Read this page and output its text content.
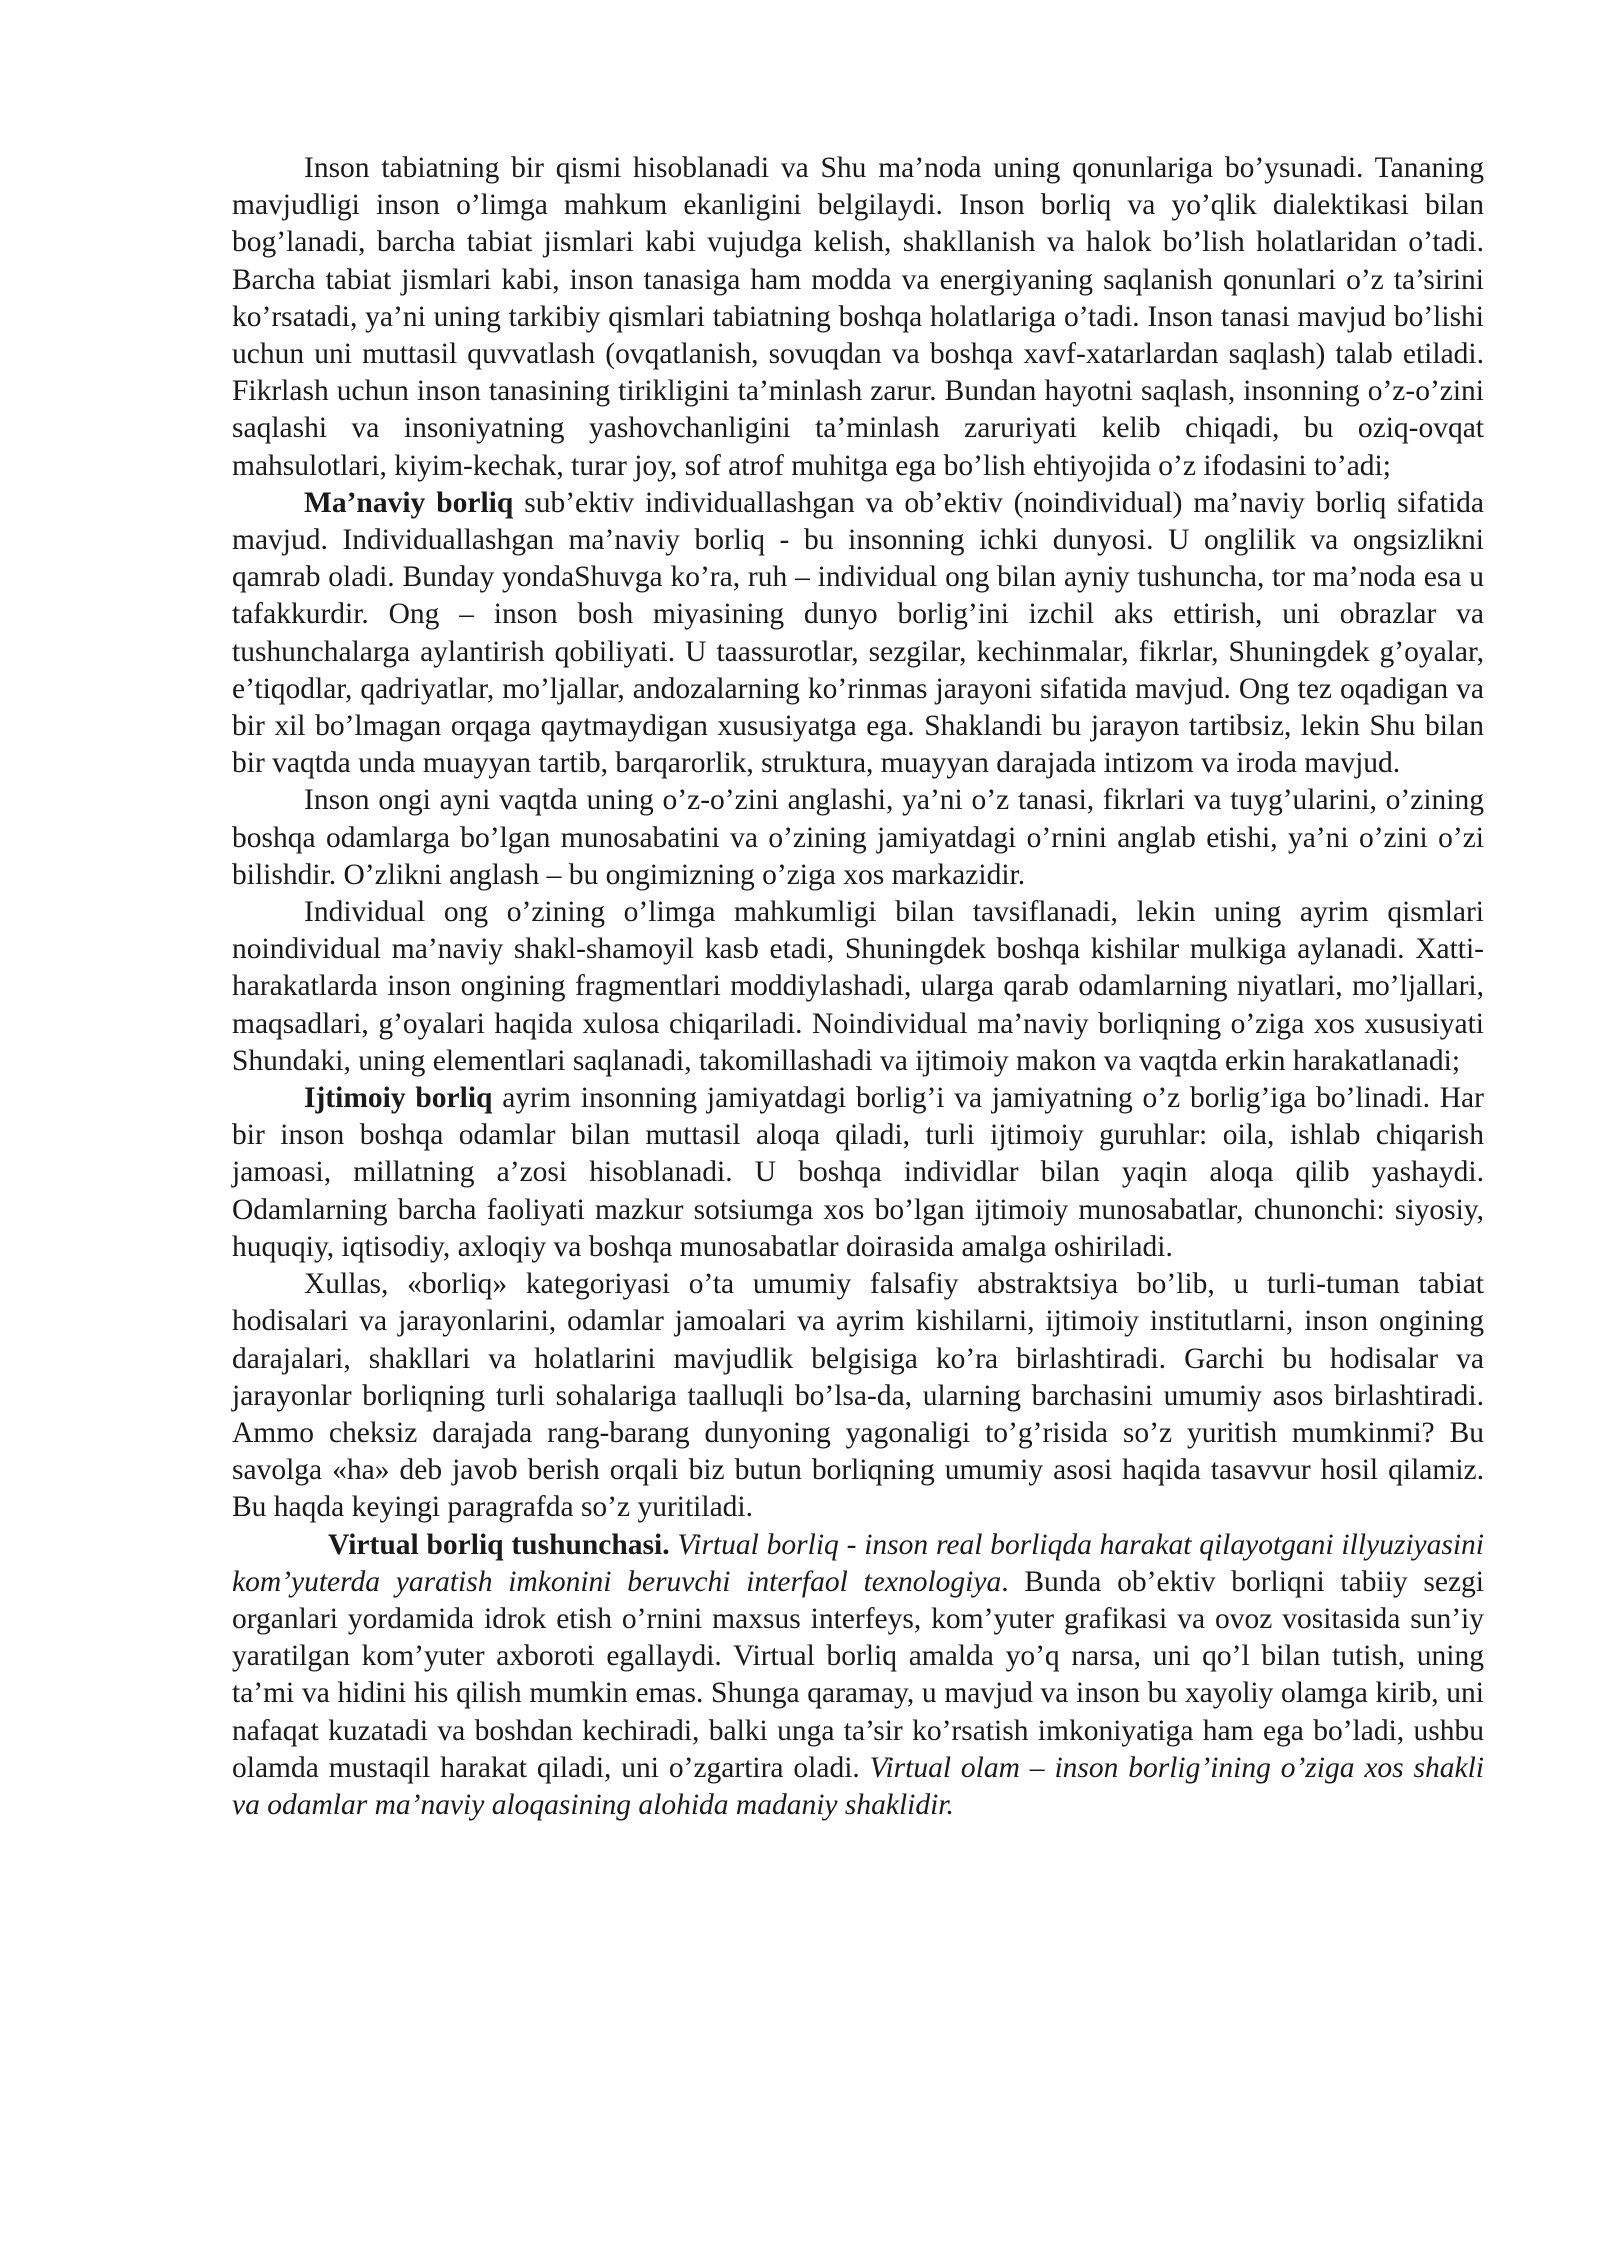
Inson tabiatning bir qismi hisoblanadi va Shu ma’noda uning qonunlariga bo’ysunadi. Tananing mavjudligi inson o’limga mahkum ekanligini belgilaydi. Inson borliq va yo’qlik dialektikasi bilan bog’lanadi, barcha tabiat jismlari kabi vujudga kelish, shakllanish va halok bo’lish holatlaridan o’tadi. Barcha tabiat jismlari kabi, inson tanasiga ham modda va energiyaning saqlanish qonunlari o’z ta’sirini ko’rsatadi, ya’ni uning tarkibiy qismlari tabiatning boshqa holatlariga o’tadi. Inson tanasi mavjud bo’lishi uchun uni muttasil quvvatlash (ovqatlanish, sovuqdan va boshqa xavf-xatarlardan saqlash) talab etiladi. Fikrlash uchun inson tanasining tirikligini ta’minlash zarur. Bundan hayotni saqlash, insonning o’z-o’zini saqlashi va insoniyatning yashovchanligini ta’minlash zaruriyati kelib chiqadi, bu oziq-ovqat mahsulotlari, kiyim-kechak, turar joy, sof atrof muhitga ega bo’lish ehtiyojida o’z ifodasini to’adi;

Ma’naviy borliq sub’ektiv individuallashgan va ob’ektiv (noindividual) ma’naviy borliq sifatida mavjud. Individuallashgan ma’naviy borliq - bu insonning ichki dunyosi. U onglilik va ongsizlikni qamrab oladi. Bunday yondaShuvga ko’ra, ruh – individual ong bilan ayniy tushuncha, tor ma’noda esa u tafakkurdir. Ong – inson bosh miyasining dunyo borlig’ini izchil aks ettirish, uni obrazlar va tushunchalarga aylantirish qobiliyati. U taassurotlar, sezgilar, kechinmalar, fikrlar, Shuningdek g’oyalar, e’tiqodlar, qadriyatlar, mo’ljallar, andozalarning ko’rinmas jarayoni sifatida mavjud. Ong tez oqadigan va bir xil bo’lmagan orqaga qaytmaydigan xususiyatga ega. Shaklandi bu jarayon tartibsiz, lekin Shu bilan bir vaqtda unda muayyan tartib, barqarorlik, struktura, muayyan darajada intizom va iroda mavjud.

Inson ongi ayni vaqtda uning o’z-o’zini anglashi, ya’ni o’z tanasi, fikrlari va tuyg’ularini, o’zining boshqa odamlarga bo’lgan munosabatini va o’zining jamiyatdagi o’rnini anglab etishi, ya’ni o’zini o’zi bilishdir. O’zlikni anglash – bu ongimizning o’ziga xos markazidir.

Individual ong o’zining o’limga mahkumligi bilan tavsiflanadi, lekin uning ayrim qismlari noindividual ma’naviy shakl-shamoyil kasb etadi, Shuningdek boshqa kishilar mulkiga aylanadi. Xatti-harakatlarda inson ongining fragmentlari moddiylashadi, ularga qarab odamlarning niyatlari, mo’ljallari, maqsadlari, g’oyalari haqida xulosa chiqariladi. Noindividual ma’naviy borliqning o’ziga xos xususiyati Shundaki, uning elementlari saqlanadi, takomillashadi va ijtimoiy makon va vaqtda erkin harakatlanadi;

Ijtimoiy borliq ayrim insonning jamiyatdagi borlig’i va jamiyatning o’z borlig’iga bo’linadi. Har bir inson boshqa odamlar bilan muttasil aloqa qiladi, turli ijtimoiy guruhlar: oila, ishlab chiqarish jamoasi, millatning a’zosi hisoblanadi. U boshqa individlar bilan yaqin aloqa qilib yashaydi. Odamlarning barcha faoliyati mazkur sotsiumga xos bo’lgan ijtimoiy munosabatlar, chunonchi: siyosiy, huquqiy, iqtisodiy, axloqiy va boshqa munosabatlar doirasida amalga oshiriladi.

Xullas, «borliq» kategoriyasi o’ta umumiy falsafiy abstraktsiya bo’lib, u turli-tuman tabiat hodisalari va jarayonlarini, odamlar jamoalari va ayrim kishilarni, ijtimoiy institutlarni, inson ongining darajalari, shakllari va holatlarini mavjudlik belgisiga ko’ra birlashtiradi. Garchi bu hodisalar va jarayonlar borliqning turli sohalariga taalluqli bo’lsa-da, ularning barchasini umumiy asos birlashtiradi. Ammo cheksiz darajada rang-barang dunyoning yagonaligi to’g’risida so’z yuritish mumkinmi? Bu savolga «ha» deb javob berish orqali biz butun borliqning umumiy asosi haqida tasavvur hosil qilamiz. Bu haqda keyingi paragrafda so’z yuritiladi.

Virtual borliq tushunchasi. Virtual borliq - inson real borliqda harakat qilayotgani illyuziyasini kom’yuterda yaratish imkonini beruvchi interfaol texnologiya. Bunda ob’ektiv borliqni tabiiy sezgi organlari yordamida idrok etish o’rnini maxsus interfeys, kom’yuter grafikasi va ovoz vositasida sun’iy yaratilgan kom’yuter axboroti egallaydi. Virtual borliq amalda yo’q narsa, uni qo’l bilan tutish, uning ta’mi va hidini his qilish mumkin emas. Shunga qaramay, u mavjud va inson bu xayoliy olamga kirib, uni nafaqat kuzatadi va boshdan kechiradi, balki unga ta’sir ko’rsatish imkoniyatiga ham ega bo’ladi, ushbu olamda mustaqil harakat qiladi, uni o’zgartira oladi. Virtual olam – inson borlig’ining o’ziga xos shakli va odamlar ma’naviy aloqasining alohida madaniy shaklidir.
